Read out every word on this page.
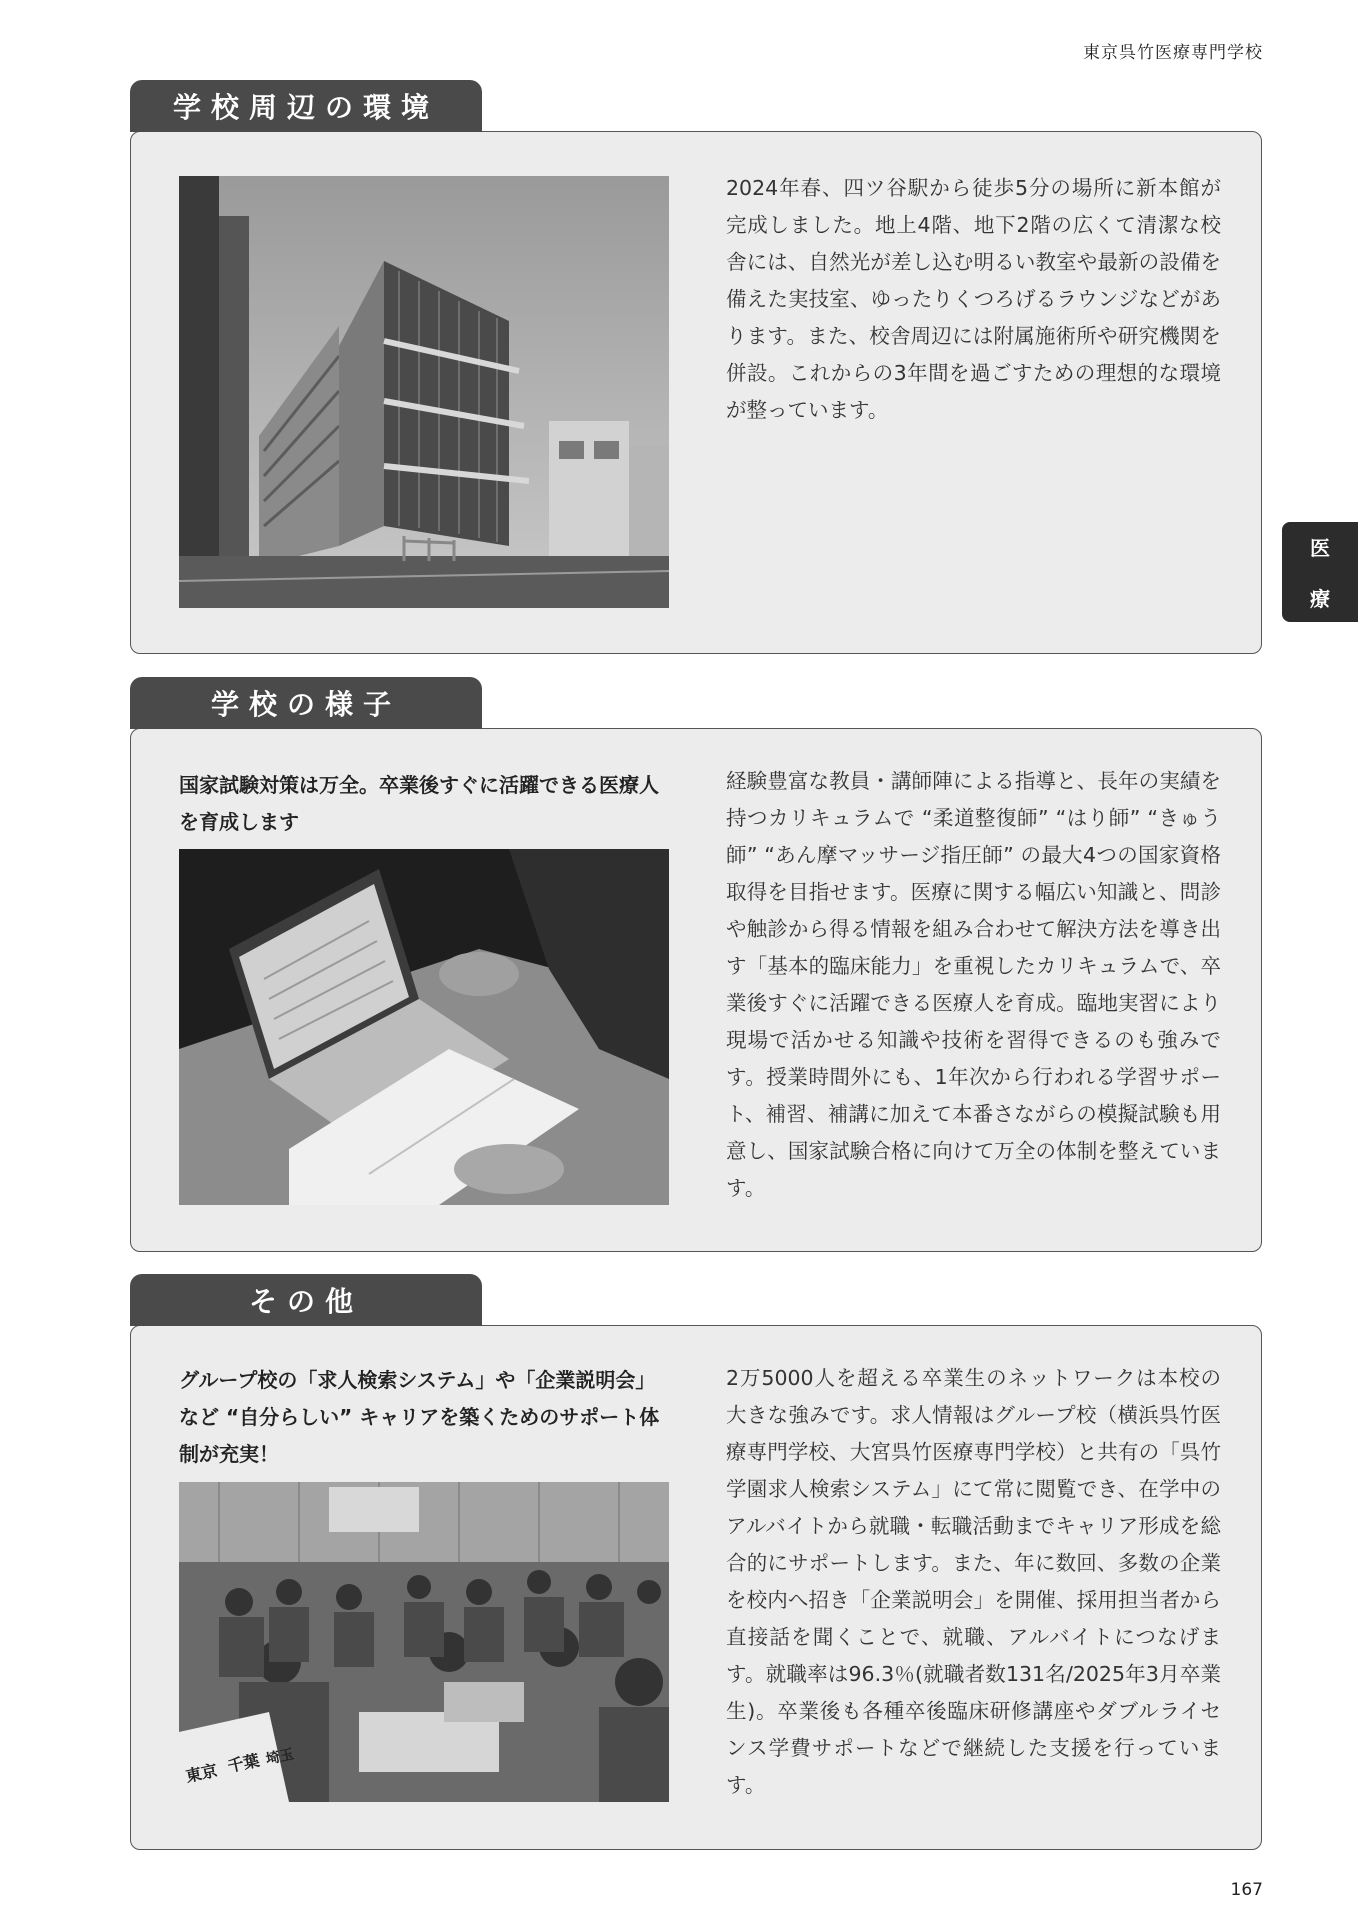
東京呉竹医療専門学校
医
療
学校周辺の環境
2024年春、四ツ谷駅から徒歩5分の場所に新本館が完成しました。地上4階、地下2階の広くて清潔な校舎には、自然光が差し込む明るい教室や最新の設備を備えた実技室、ゆったりくつろげるラウンジなどがあります。また、校舎周辺には附属施術所や研究機関を併設。これからの3年間を過ごすための理想的な環境が整っています。
学校の様子
国家試験対策は万全。卒業後すぐに活躍できる医療人を育成します
経験豊富な教員・講師陣による指導と、長年の実績を持つカリキュラムで “柔道整復師” “はり師” “きゅう師” “あん摩マッサージ指圧師” の最大4つの国家資格取得を目指せます。医療に関する幅広い知識と、問診や触診から得る情報を組み合わせて解決方法を導き出す「基本的臨床能力」を重視したカリキュラムで、卒業後すぐに活躍できる医療人を育成。臨地実習により現場で活かせる知識や技術を習得できるのも強みです。授業時間外にも、1年次から行われる学習サポート、補習、補講に加えて本番さながらの模擬試験も用意し、国家試験合格に向けて万全の体制を整えています。
その他
グループ校の「求人検索システム」や「企業説明会」など “自分らしい” キャリアを築くためのサポート体制が充実！
東京 千葉 埼玉
2万5000人を超える卒業生のネットワークは本校の大きな強みです。求人情報はグループ校（横浜呉竹医療専門学校、大宮呉竹医療専門学校）と共有の「呉竹学園求人検索システム」にて常に閲覧でき、在学中のアルバイトから就職・転職活動までキャリア形成を総合的にサポートします。また、年に数回、多数の企業を校内へ招き「企業説明会」を開催、採用担当者から直接話を聞くことで、就職、アルバイトにつなげます。就職率は96.3％(就職者数131名/2025年3月卒業生)。卒業後も各種卒後臨床研修講座やダブルライセンス学費サポートなどで継続した支援を行っています。
167
